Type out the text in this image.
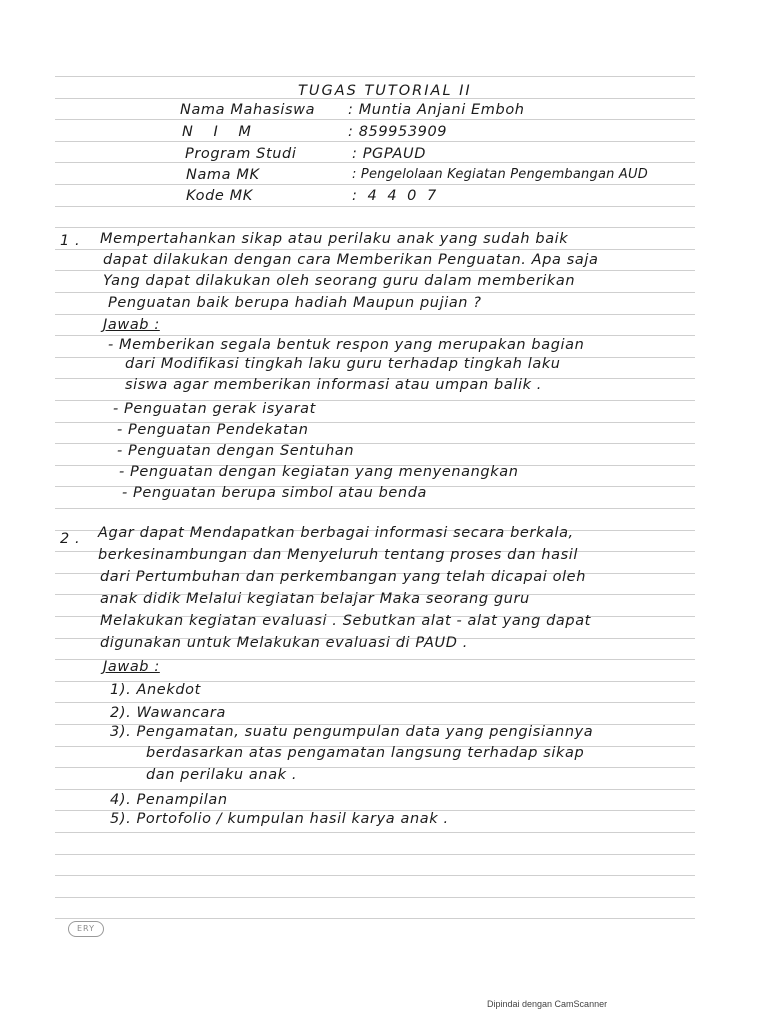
TUGAS TUTORIAL II
Nama Mahasiswa : Muntia Anjani Emboh
N I M	: 859953909
Program Studi	: PGPAUD
Nama MK	: Pengelolaan Kegiatan Pengembangan AUD
Kode MK	: 4 4 0 7
1 . Mempertahankan sikap atau perilaku anak yang sudah baik
dapat dilakukan dengan cara Memberikan Penguatan. Apa saja
Yang dapat dilakukan oleh seorang guru dalam memberikan
Penguatan baik berupa hadiah Maupun pujian ?
Jawab :
- Memberikan segala bentuk respon yang merupakan bagian
dari Modifikasi tingkah laku guru terhadap tingkah laku
siswa agar memberikan informasi atau umpan balik .
- Penguatan gerak isyarat
- Penguatan Pendekatan
- Penguatan dengan Sentuhan
- Penguatan dengan kegiatan yang menyenangkan
- Penguatan berupa simbol atau benda
2 . Agar dapat Mendapatkan berbagai informasi secara berkala,
berkesinambungan dan Menyeluruh tentang proses dan hasil
dari Pertumbuhan dan perkembangan yang telah dicapai oleh
anak didik Melalui kegiatan belajar Maka seorang guru
Melakukan kegiatan evaluasi . Sebutkan alat - alat yang dapat
digunakan untuk Melakukan evaluasi di PAUD .
Jawab :
1). Anekdot
2). Wawancara
3). Pengamatan, suatu pengumpulan data yang pengisiannya
berdasarkan atas pengamatan langsung terhadap sikap
dan perilaku anak .
4). Penampilan
5). Portofolio / kumpulan hasil karya anak .
ERY
Dipindai dengan CamScanner
